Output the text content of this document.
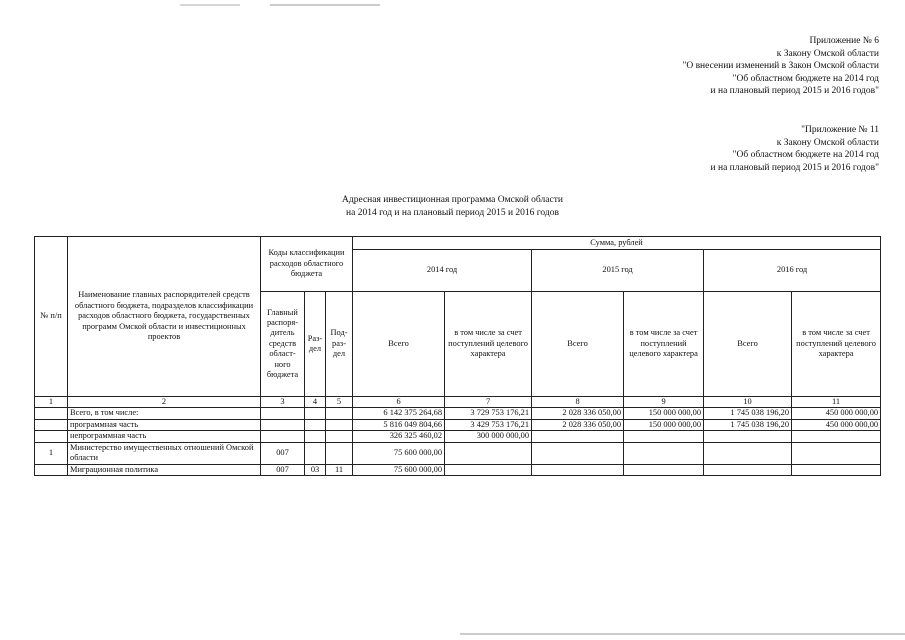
Приложение № 6
к Закону Омской области
"О внесении изменений в Закон Омской области
"Об областном бюджете на 2014 год
и на плановый период 2015 и 2016 годов"
"Приложение № 11
к Закону Омской области
"Об областном бюджете на 2014 год
и на плановый период 2015 и 2016 годов"
Адресная инвестиционная программа Омской области
на 2014 год и на плановый период 2015 и 2016 годов
№ п/п	Наименование главных распорядителей средств областного бюджета, подразделов классификации расходов областного бюджета, государственных программ Омской области и инвестиционных проектов	Коды классификации расходов областного бюджета			Сумма, рублей					
					2014 год		2015 год		2016 год	
		Главный распоря-дитель средств област-ного бюджета	Раз-дел	Под-раз-дел	Всего	в том числе за счет поступлений целевого характера	Всего	в том числе за счет поступлений целевого характера	Всего	в том числе за счет поступлений целевого характера
1	2	3	4	5	6	7	8	9	10	11
	Всего, в том числе:				6 142 375 264,68	3 729 753 176,21	2 028 336 050,00	150 000 000,00	1 745 038 196,20	450 000 000,00
	программная часть				5 816 049 804,66	3 429 753 176,21	2 028 336 050,00	150 000 000,00	1 745 038 196,20	450 000 000,00
	непрограммная часть				326 325 460,02	300 000 000,00				
1	Министерство имущественных отношений Омской области	007			75 600 000,00					
	Миграционная политика	007	03	11	75 600 000,00					
